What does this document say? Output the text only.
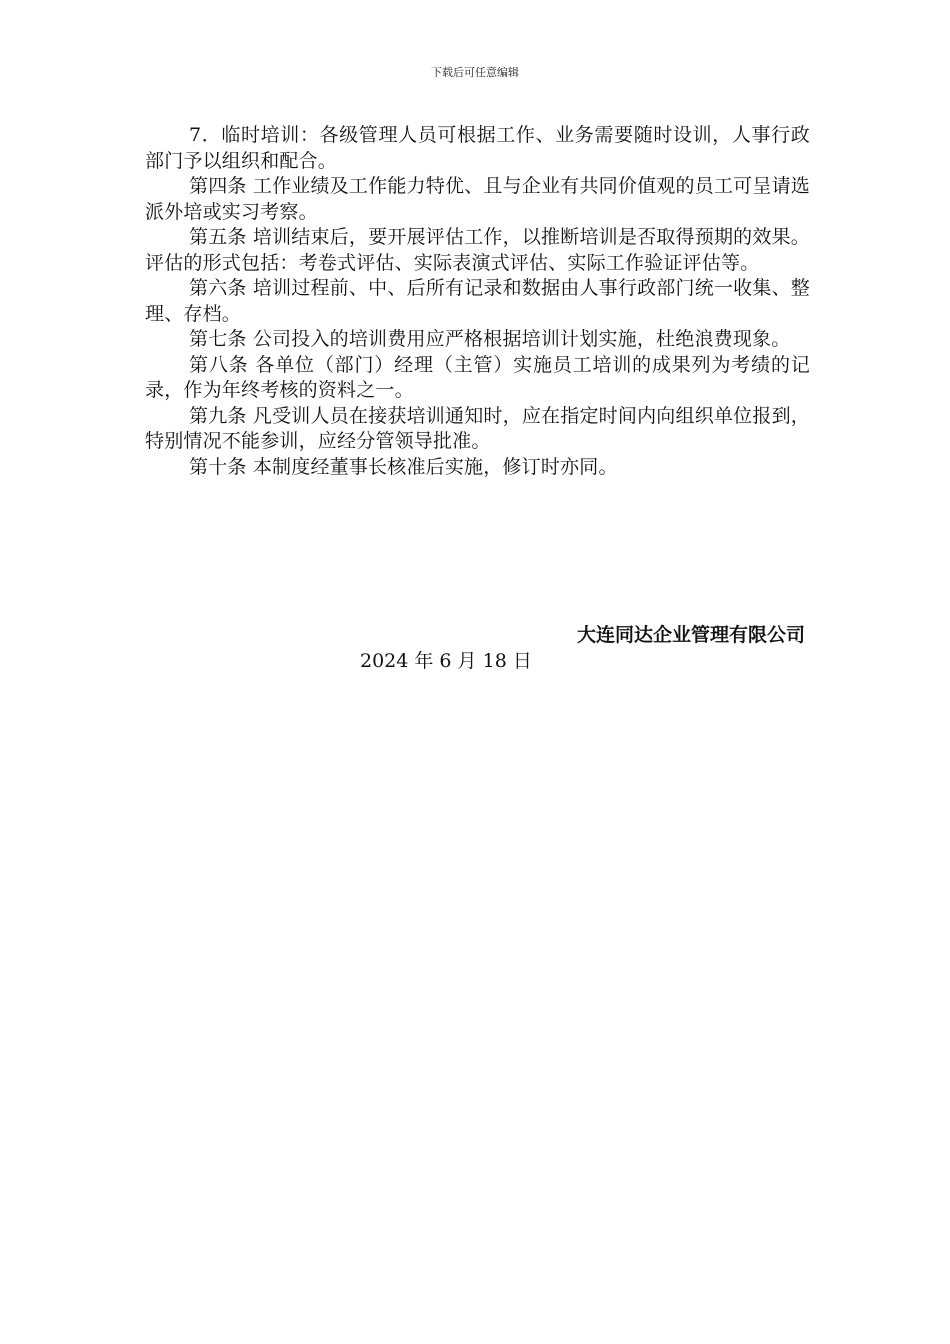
下载后可任意编辑

7．临时培训：各级管理人员可根据工作、业务需要随时设训，人事行政部门予以组织和配合。

第四条 工作业绩及工作能力特优、且与企业有共同价值观的员工可呈请选派外培或实习考察。

第五条 培训结束后，要开展评估工作，以推断培训是否取得预期的效果。评估的形式包括：考卷式评估、实际表演式评估、实际工作验证评估等。

第六条 培训过程前、中、后所有记录和数据由人事行政部门统一收集、整理、存档。

第七条 公司投入的培训费用应严格根据培训计划实施，杜绝浪费现象。

第八条 各单位（部门）经理（主管）实施员工培训的成果列为考绩的记录，作为年终考核的资料之一。

第九条 凡受训人员在接获培训通知时，应在指定时间内向组织单位报到，特别情况不能参训，应经分管领导批准。

第十条 本制度经董事长核准后实施，修订时亦同。

大连同达企业管理有限公司
2024 年 6 月 18 日
